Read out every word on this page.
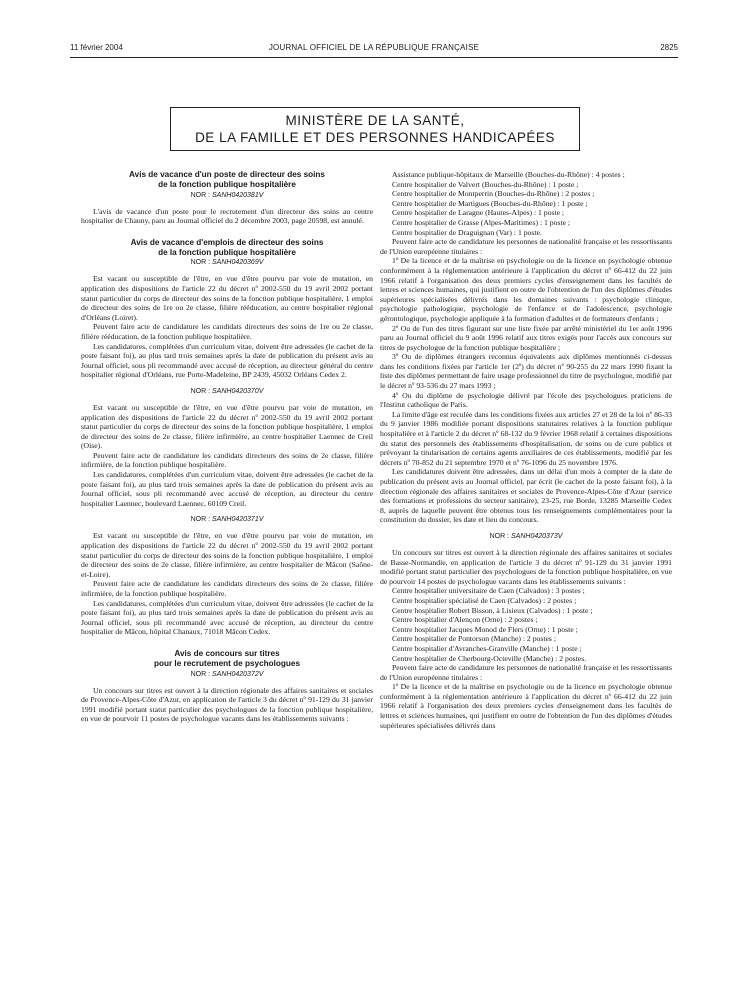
11 février 2004	JOURNAL OFFICIEL DE LA RÉPUBLIQUE FRANÇAISE	2825
MINISTÈRE DE LA SANTÉ,
DE LA FAMILLE ET DES PERSONNES HANDICAPÉES
Avis de vacance d'un poste de directeur des soins
de la fonction publique hospitalière
NOR : SANH0420381V

L'avis de vacance d'un poste pour le recrutement d'un directeur des soins au centre hospitalier de Chauny, paru au Journal officiel du 2 décembre 2003, page 20598, est annulé.

Avis de vacance d'emplois de directeur des soins
de la fonction publique hospitalière
NOR : SANH0420369V

Est vacant ou susceptible de l'être, en vue d'être pourvu par voie de mutation, en application des dispositions de l'article 22 du décret nº 2002-550 du 19 avril 2002 portant statut particulier du corps de directeur des soins de la fonction publique hospitalière, 1 emploi de directeur des soins de 1re ou 2e classe, filière rééducation, au centre hospitalier régional d'Orléans (Loiret).

Peuvent faire acte de candidature les candidats directeurs des soins de 1re ou 2e classe, filière rééducation, de la fonction publique hospitalière.

Les candidatures, complétées d'un curriculum vitae, doivent être adressées (le cachet de la poste faisant foi), au plus tard trois semaines après la date de publication du présent avis au Journal officiel, sous pli recommandé avec accusé de réception, au directeur général du centre hospitalier régional d'Orléans, rue Porte-Madeleine, BP 2439, 45032 Orléans Cedex 2.

NOR : SANH0420370V

Est vacant ou susceptible de l'être, en vue d'être pourvu par voie de mutation, en application des dispositions de l'article 22 du décret nº 2002-550 du 19 avril 2002 portant statut particulier du corps de directeur des soins de la fonction publique hospitalière, 1 emploi de directeur des soins de 2e classe, filière infirmière, au centre hospitalier Laennec de Creil (Oise).

Peuvent faire acte de candidature les candidats directeurs des soins de 2e classe, filière infirmière, de la fonction publique hospitalière.

Les candidatures, complétées d'un curriculum vitae, doivent être adressées (le cachet de la poste faisant foi), au plus tard trois semaines après la date de publication du présent avis au Journal officiel, sous pli recommandé avec accusé de réception, au directeur du centre hospitalier Laennec, boulevard Laennec, 60109 Creil.

NOR : SANH0420371V

Est vacant ou susceptible de l'être, en vue d'être pourvu par voie de mutation, en application des dispositions de l'article 22 du décret nº 2002-550 du 19 avril 2002 portant statut particulier du corps de directeur des soins de la fonction publique hospitalière, 1 emploi de directeur des soins de 2e classe, filière infirmière, au centre hospitalier de Mâcon (Saône-et-Loire).

Peuvent faire acte de candidature les candidats directeurs des soins de 2e classe, filière infirmière, de la fonction publique hospitalière.

Les candidatures, complétées d'un curriculum vitae, doivent être adressées (le cachet de la poste faisant foi), au plus tard trois semaines après la date de publication du présent avis au Journal officiel, sous pli recommandé avec accusé de réception, au directeur du centre hospitalier de Mâcon, hôpital Chanaux, 71018 Mâcon Cedex.

Avis de concours sur titres
pour le recrutement de psychologues
NOR : SANH0420372V

Un concours sur titres est ouvert à la direction régionale des affaires sanitaires et sociales de Provence-Alpes-Côte d'Azur, en application de l'article 3 du décret nº 91-129 du 31 janvier 1991 modifié portant statut particulier des psychologues de la fonction publique hospitalière, en vue de pourvoir 11 postes de psychologue vacants dans les établissements suivants :

Assistance publique-hôpitaux de Marseille (Bouches-du-Rhône) : 4 postes ;

Centre hospitalier de Valvert (Bouches-du-Rhône) : 1 poste ;

Centre hospitalier de Montperrin (Bouches-du-Rhône) : 2 postes ;

Centre hospitalier de Martigues (Bouches-du-Rhône) : 1 poste ;

Centre hospitalier de Laragne (Hautes-Alpes) : 1 poste ;

Centre hospitalier de Grasse (Alpes-Maritimes) : 1 poste ;

Centre hospitalier de Draguignan (Var) : 1 poste.

Peuvent faire acte de candidature les personnes de nationalité française et les ressortissants de l'Union européenne titulaires :

1º De la licence et de la maîtrise en psychologie ou de la licence en psychologie obtenue conformément à la réglementation antérieure à l'application du décret nº 66-412 du 22 juin 1966 relatif à l'organisation des deux premiers cycles d'enseignement dans les facultés de lettres et sciences humaines, qui justifient en outre de l'obtention de l'un des diplômes d'études supérieures spécialisées délivrés dans les domaines suivants : psychologie clinique, psychologie pathologique, psychologie de l'enfance et de l'adolescence, psychologie gérontologique, psychologie appliquée à la formation d'adultes et de formateurs d'enfants ;

2º Ou de l'un des titres figurant sur une liste fixée par arrêté ministériel du 1er août 1996 paru au Journal officiel du 9 août 1996 relatif aux titres exigés pour l'accès aux concours sur titres de psychologue de la fonction publique hospitalière ;

3º Ou de diplômes étrangers reconnus équivalents aux diplômes mentionnés ci-dessus dans les conditions fixées par l'article 1er (2º) du décret nº 90-255 du 22 mars 1990 fixant la liste des diplômes permettant de faire usage professionnel du titre de psychologue, modifié par le décret nº 93-536 du 27 mars 1993 ;

4º Ou du diplôme de psychologie délivré par l'école des psychologues praticiens de l'Institut catholique de Paris.

La limite d'âge est reculée dans les conditions fixées aux articles 27 et 28 de la loi nº 86-33 du 9 janvier 1986 modifiée portant dispositions statutaires relatives à la fonction publique hospitalière et à l'article 2 du décret nº 68-132 du 9 février 1968 relatif à certaines dispositions du statut des personnels des établissements d'hospitalisation, de soins ou de cure publics et prévoyant la titularisation de certains agents auxiliaires de ces établissements, modifié par les décrets nº 70-852 du 21 septembre 1970 et nº 76-1096 du 25 novembre 1976.

Les candidatures doivent être adressées, dans un délai d'un mois à compter de la date de publication du présent avis au Journal officiel, par écrit (le cachet de la poste faisant foi), à la direction régionale des affaires sanitaires et sociales de Provence-Alpes-Côte d'Azur (service des formations et professions du secteur sanitaire), 23-25, rue Borde, 13285 Marseille Cedex 8, auprès de laquelle peuvent être obtenus tous les renseignements complémentaires pour la constitution du dossier, les date et lieu du concours.

NOR : SANH0420373V

Un concours sur titres est ouvert à la direction régionale des affaires sanitaires et sociales de Basse-Normandie, en application de l'article 3 du décret nº 91-129 du 31 janvier 1991 modifié portant statut particulier des psychologues de la fonction publique hospitalière, en vue de pourvoir 14 postes de psychologue vacants dans les établissements suivants :

Centre hospitalier universitaire de Caen (Calvados) : 3 postes ;

Centre hospitalier spécialisé de Caen (Calvados) : 2 postes ;

Centre hospitalier Robert Bisson, à Lisieux (Calvados) : 1 poste ;

Centre hospitalier d'Alençon (Orne) : 2 postes ;

Centre hospitalier Jacques Monod de Flers (Orne) : 1 poste ;

Centre hospitalier de Pontorson (Manche) : 2 postes ;

Centre hospitalier d'Avranches-Granville (Manche) : 1 poste ;

Centre hospitalier de Cherbourg-Octeville (Manche) : 2 postes.

Peuvent faire acte de candidature les personnes de nationalité française et les ressortissants de l'Union européenne titulaires :

1º De la licence et de la maîtrise en psychologie ou de la licence en psychologie obtenue conformément à la réglementation antérieure à l'application du décret nº 66-412 du 22 juin 1966 relatif à l'organisation des deux premiers cycles d'enseignement dans les facultés de lettres et sciences humaines, qui justifient en outre de l'obtention de l'un des diplômes d'études supérieures spécialisées délivrés dans
